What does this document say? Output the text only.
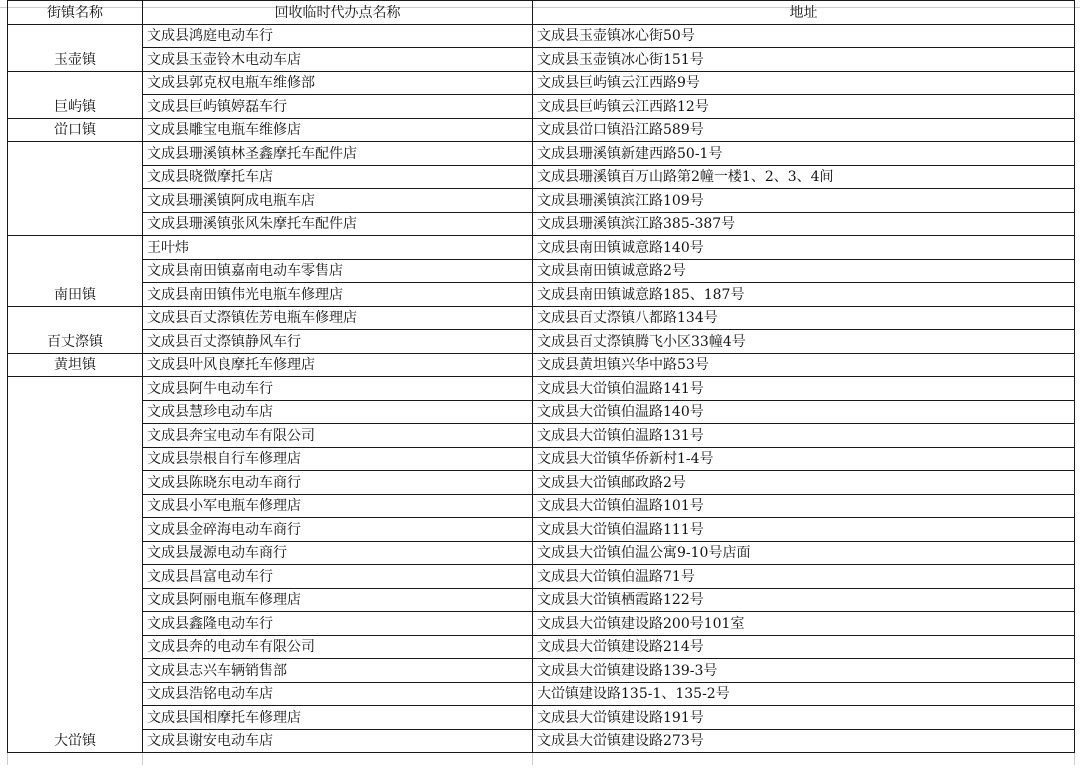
街镇名称	回收临时代办点名称	地址
玉壶镇	文成县鸿庭电动车行	文成县玉壶镇冰心街50号
	文成县玉壶铃木电动车店	文成县玉壶镇冰心街151号
巨屿镇	文成县郭克权电瓶车维修部	文成县巨屿镇云江西路9号
	文成县巨屿镇婷磊车行	文成县巨屿镇云江西路12号
峃口镇	文成县雕宝电瓶车维修店	文成县峃口镇沿江路589号
	文成县珊溪镇林圣鑫摩托车配件店	文成县珊溪镇新建西路50-1号
	文成县晓微摩托车店	文成县珊溪镇百万山路第2幢一楼1、2、3、4间
	文成县珊溪镇阿成电瓶车店	文成县珊溪镇滨江路109号
	文成县珊溪镇张风朱摩托车配件店	文成县珊溪镇滨江路385-387号
南田镇	王叶炜	文成县南田镇诚意路140号
	文成县南田镇嘉南电动车零售店	文成县南田镇诚意路2号
	文成县南田镇伟光电瓶车修理店	文成县南田镇诚意路185、187号
百丈漈镇	文成县百丈漈镇佐芳电瓶车修理店	文成县百丈漈镇八都路134号
	文成县百丈漈镇静风车行	文成县百丈漈镇腾飞小区33幢4号
黄坦镇	文成县叶风良摩托车修理店	文成县黄坦镇兴华中路53号
大峃镇	文成县阿牛电动车行	文成县大峃镇伯温路141号
	文成县慧珍电动车店	文成县大峃镇伯温路140号
	文成县奔宝电动车有限公司	文成县大峃镇伯温路131号
	文成县崇根自行车修理店	文成县大峃镇华侨新村1-4号
	文成县陈晓东电动车商行	文成县大峃镇邮政路2号
	文成县小军电瓶车修理店	文成县大峃镇伯温路101号
	文成县金碎海电动车商行	文成县大峃镇伯温路111号
	文成县晟源电动车商行	文成县大峃镇伯温公寓9-10号店面
	文成县昌富电动车行	文成县大峃镇伯温路71号
	文成县阿丽电瓶车修理店	文成县大峃镇栖霞路122号
	文成县鑫隆电动车行	文成县大峃镇建设路200号101室
	文成县奔的电动车有限公司	文成县大峃镇建设路214号
	文成县志兴车辆销售部	文成县大峃镇建设路139-3号
	文成县浩铭电动车店	大峃镇建设路135-1、135-2号
	文成县国相摩托车修理店	文成县大峃镇建设路191号
	文成县谢安电动车店	文成县大峃镇建设路273号
